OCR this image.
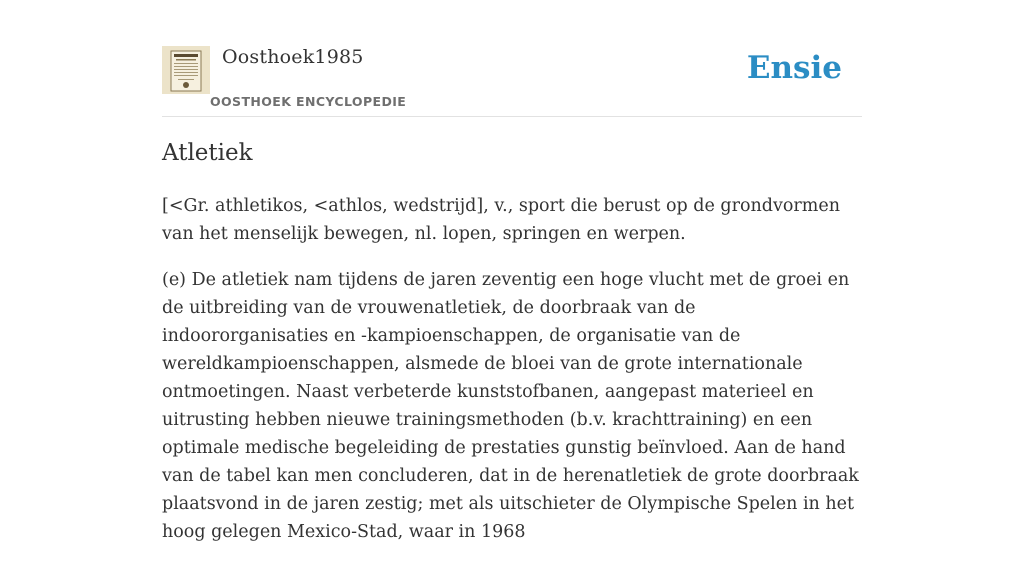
Oosthoek1985
OOSTHOEK ENCYCLOPEDIE
Ensie
Atletiek

[<Gr. athletikos, <athlos, wedstrijd], v., sport die berust op de grondvormen van het menselijk bewegen, nl. lopen, springen en werpen.

(e) De atletiek nam tijdens de jaren zeventig een hoge vlucht met de groei en de uitbreiding van de vrouwenatletiek, de doorbraak van de indoororganisaties en -kampioenschappen, de organisatie van de wereldkampioenschappen, alsmede de bloei van de grote internationale ontmoetingen. Naast verbeterde kunststofbanen, aangepast materieel en uitrusting hebben nieuwe trainingsmethoden (b.v. krachttraining) en een optimale medische begeleiding de prestaties gunstig beïnvloed. Aan de hand van de tabel kan men concluderen, dat in de herenatletiek de grote doorbraak plaatsvond in de jaren zestig; met als uitschieter de Olympische Spelen in het hoog gelegen Mexico-Stad, waar in 1968
